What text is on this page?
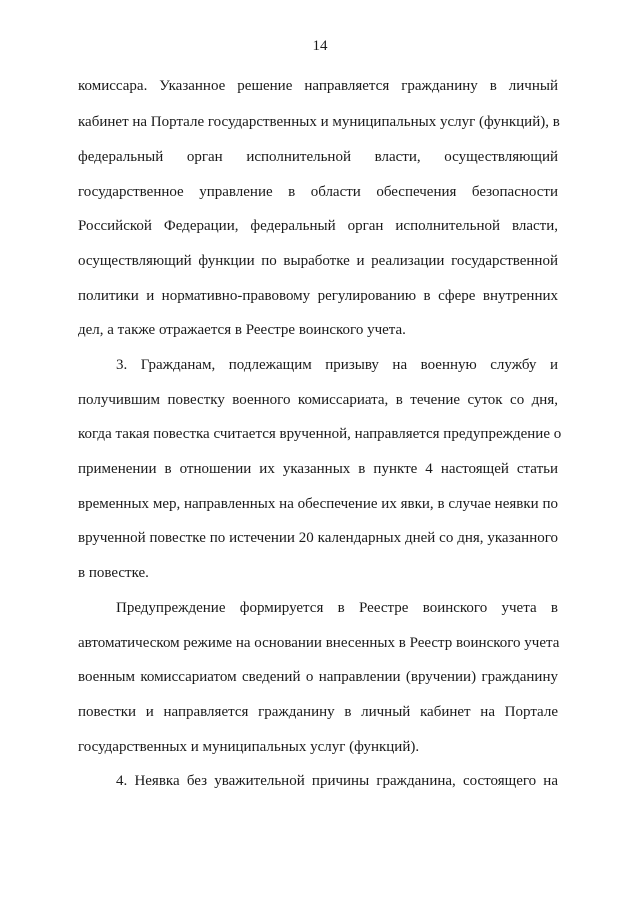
14
комиссара. Указанное решение направляется гражданину в личный
кабинет на Портале государственных и муниципальных услуг (функций), в
федеральный орган исполнительной власти, осуществляющий
государственное управление в области обеспечения безопасности
Российской Федерации, федеральный орган исполнительной власти,
осуществляющий функции по выработке и реализации государственной
политики и нормативно-правовому регулированию в сфере внутренних
дел, а также отражается в Реестре воинского учета.
3. Гражданам, подлежащим призыву на военную службу и
получившим повестку военного комиссариата, в течение суток со дня,
когда такая повестка считается врученной, направляется предупреждение о
применении в отношении их указанных в пункте 4 настоящей статьи
временных мер, направленных на обеспечение их явки, в случае неявки по
врученной повестке по истечении 20 календарных дней со дня, указанного
в повестке.
Предупреждение формируется в Реестре воинского учета в
автоматическом режиме на основании внесенных в Реестр воинского учета
военным комиссариатом сведений о направлении (вручении) гражданину
повестки и направляется гражданину в личный кабинет на Портале
государственных и муниципальных услуг (функций).
4. Неявка без уважительной причины гражданина, состоящего на
